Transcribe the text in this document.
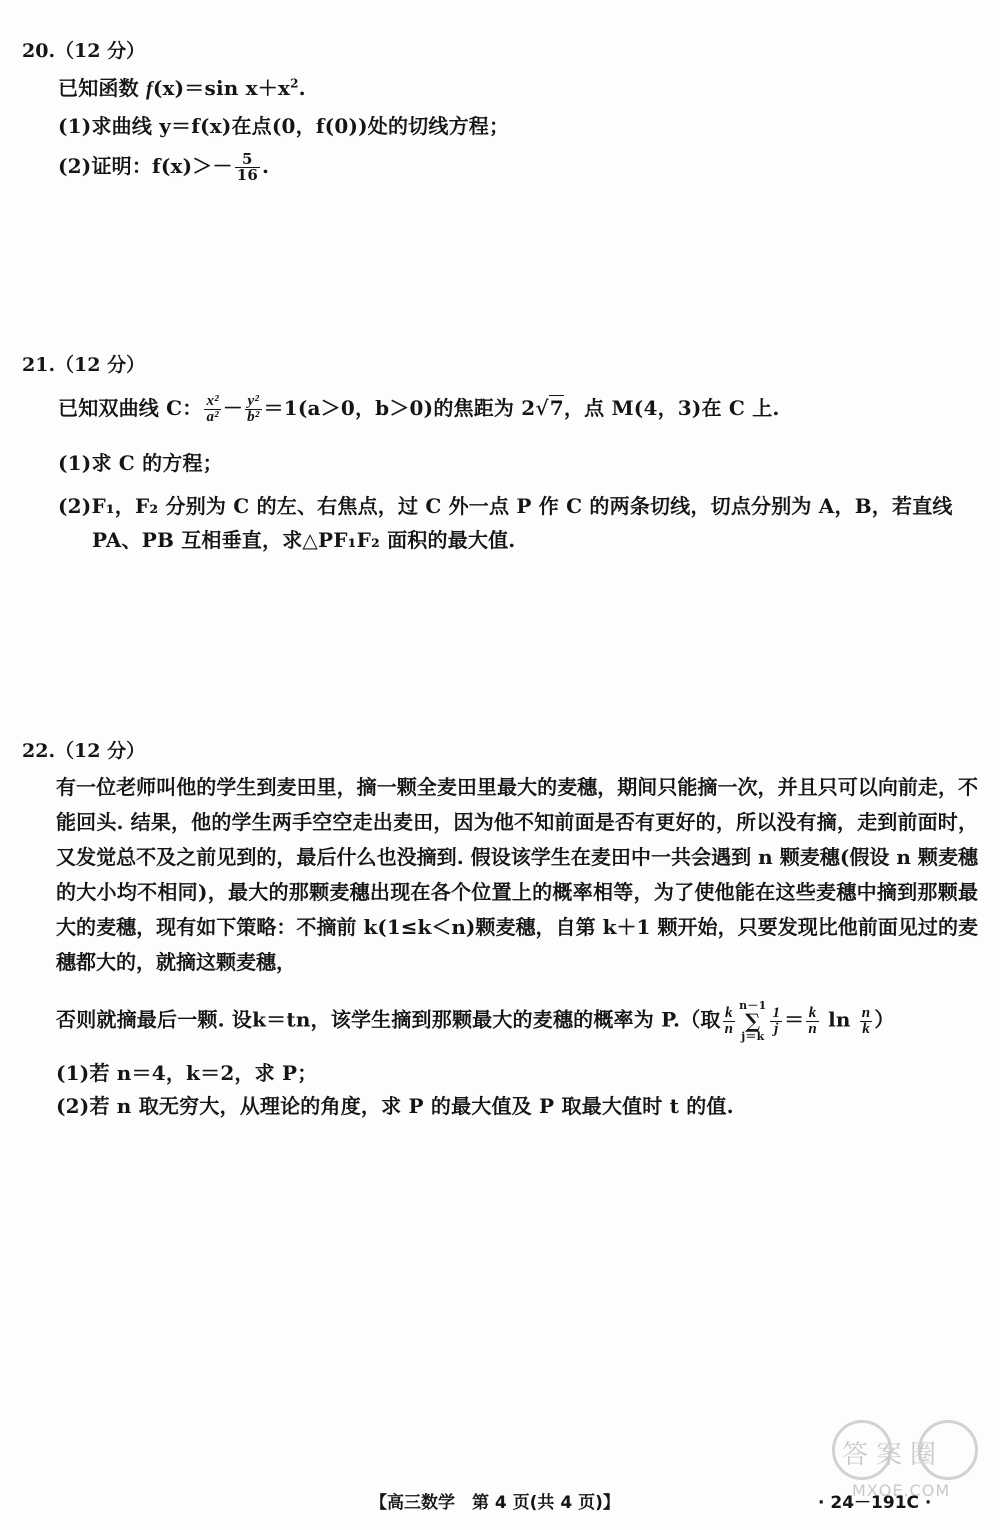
20.（12 分）
已知函数 f(x)＝sin $x+x^2$.
(1)求曲线 y＝f(x)在点(0，f(0))处的切线方程；
(2)证明：$f(x)>- \frac{5}{16}$ .
21.（12 分）
已知双曲线 C： $\frac{\text{x²}}{\text{a²}} - \frac{\text{y²}}{\text{b²}} =1(a>0$，b＞0)的焦距为 2√7，点 M(4，3)在 C 上.
(1)求 C 的方程；
(2)F₁，F₂ 分别为 C 的左、右焦点，过 C 外一点 P 作 C 的两条切线，切点分别为 A，B，若直线
PA、PB 互相垂直，求△PF₁F₂ 面积的最大值.
22.（12 分）
有一位老师叫他的学生到麦田里，摘一颗全麦田里最大的麦穗，期间只能摘一次，并且只可以向前走，不能回头. 结果，他的学生两手空空走出麦田，因为他不知前面是否有更好的，所以没有摘，走到前面时，又发觉总不及之前见到的，最后什么也没摘到. 假设该学生在麦田中一共会遇到 n 颗麦穗(假设 n 颗麦穗的大小均不相同)，最大的那颗麦穗出现在各个位置上的概率相等，为了使他能在这些麦穗中摘到那颗最大的麦穗，现有如下策略：不摘前 k(1≤k＜n)颗麦穗，自第 k＋1 颗开始，只要发现比他前面见过的麦穗都大的，就摘这颗麦穗，
否则就摘最后一颗. 设k＝tn，该学生摘到那颗最大的麦穗的概率为 P.（取 $\frac{k}{n} n-1$
∑
$j=k \frac{1}{j} = \frac{k}{n}$ $\ln \frac{n}{k}$ ）
(1)若 n＝4，k＝2，求 P；
(2)若 n 取无穷大，从理论的角度，求 P 的最大值及 P 取最大值时 t 的值.
答案圈
MXQE.COM
【高三数学　第 4 页(共 4 页)】	· 24－191C ·
